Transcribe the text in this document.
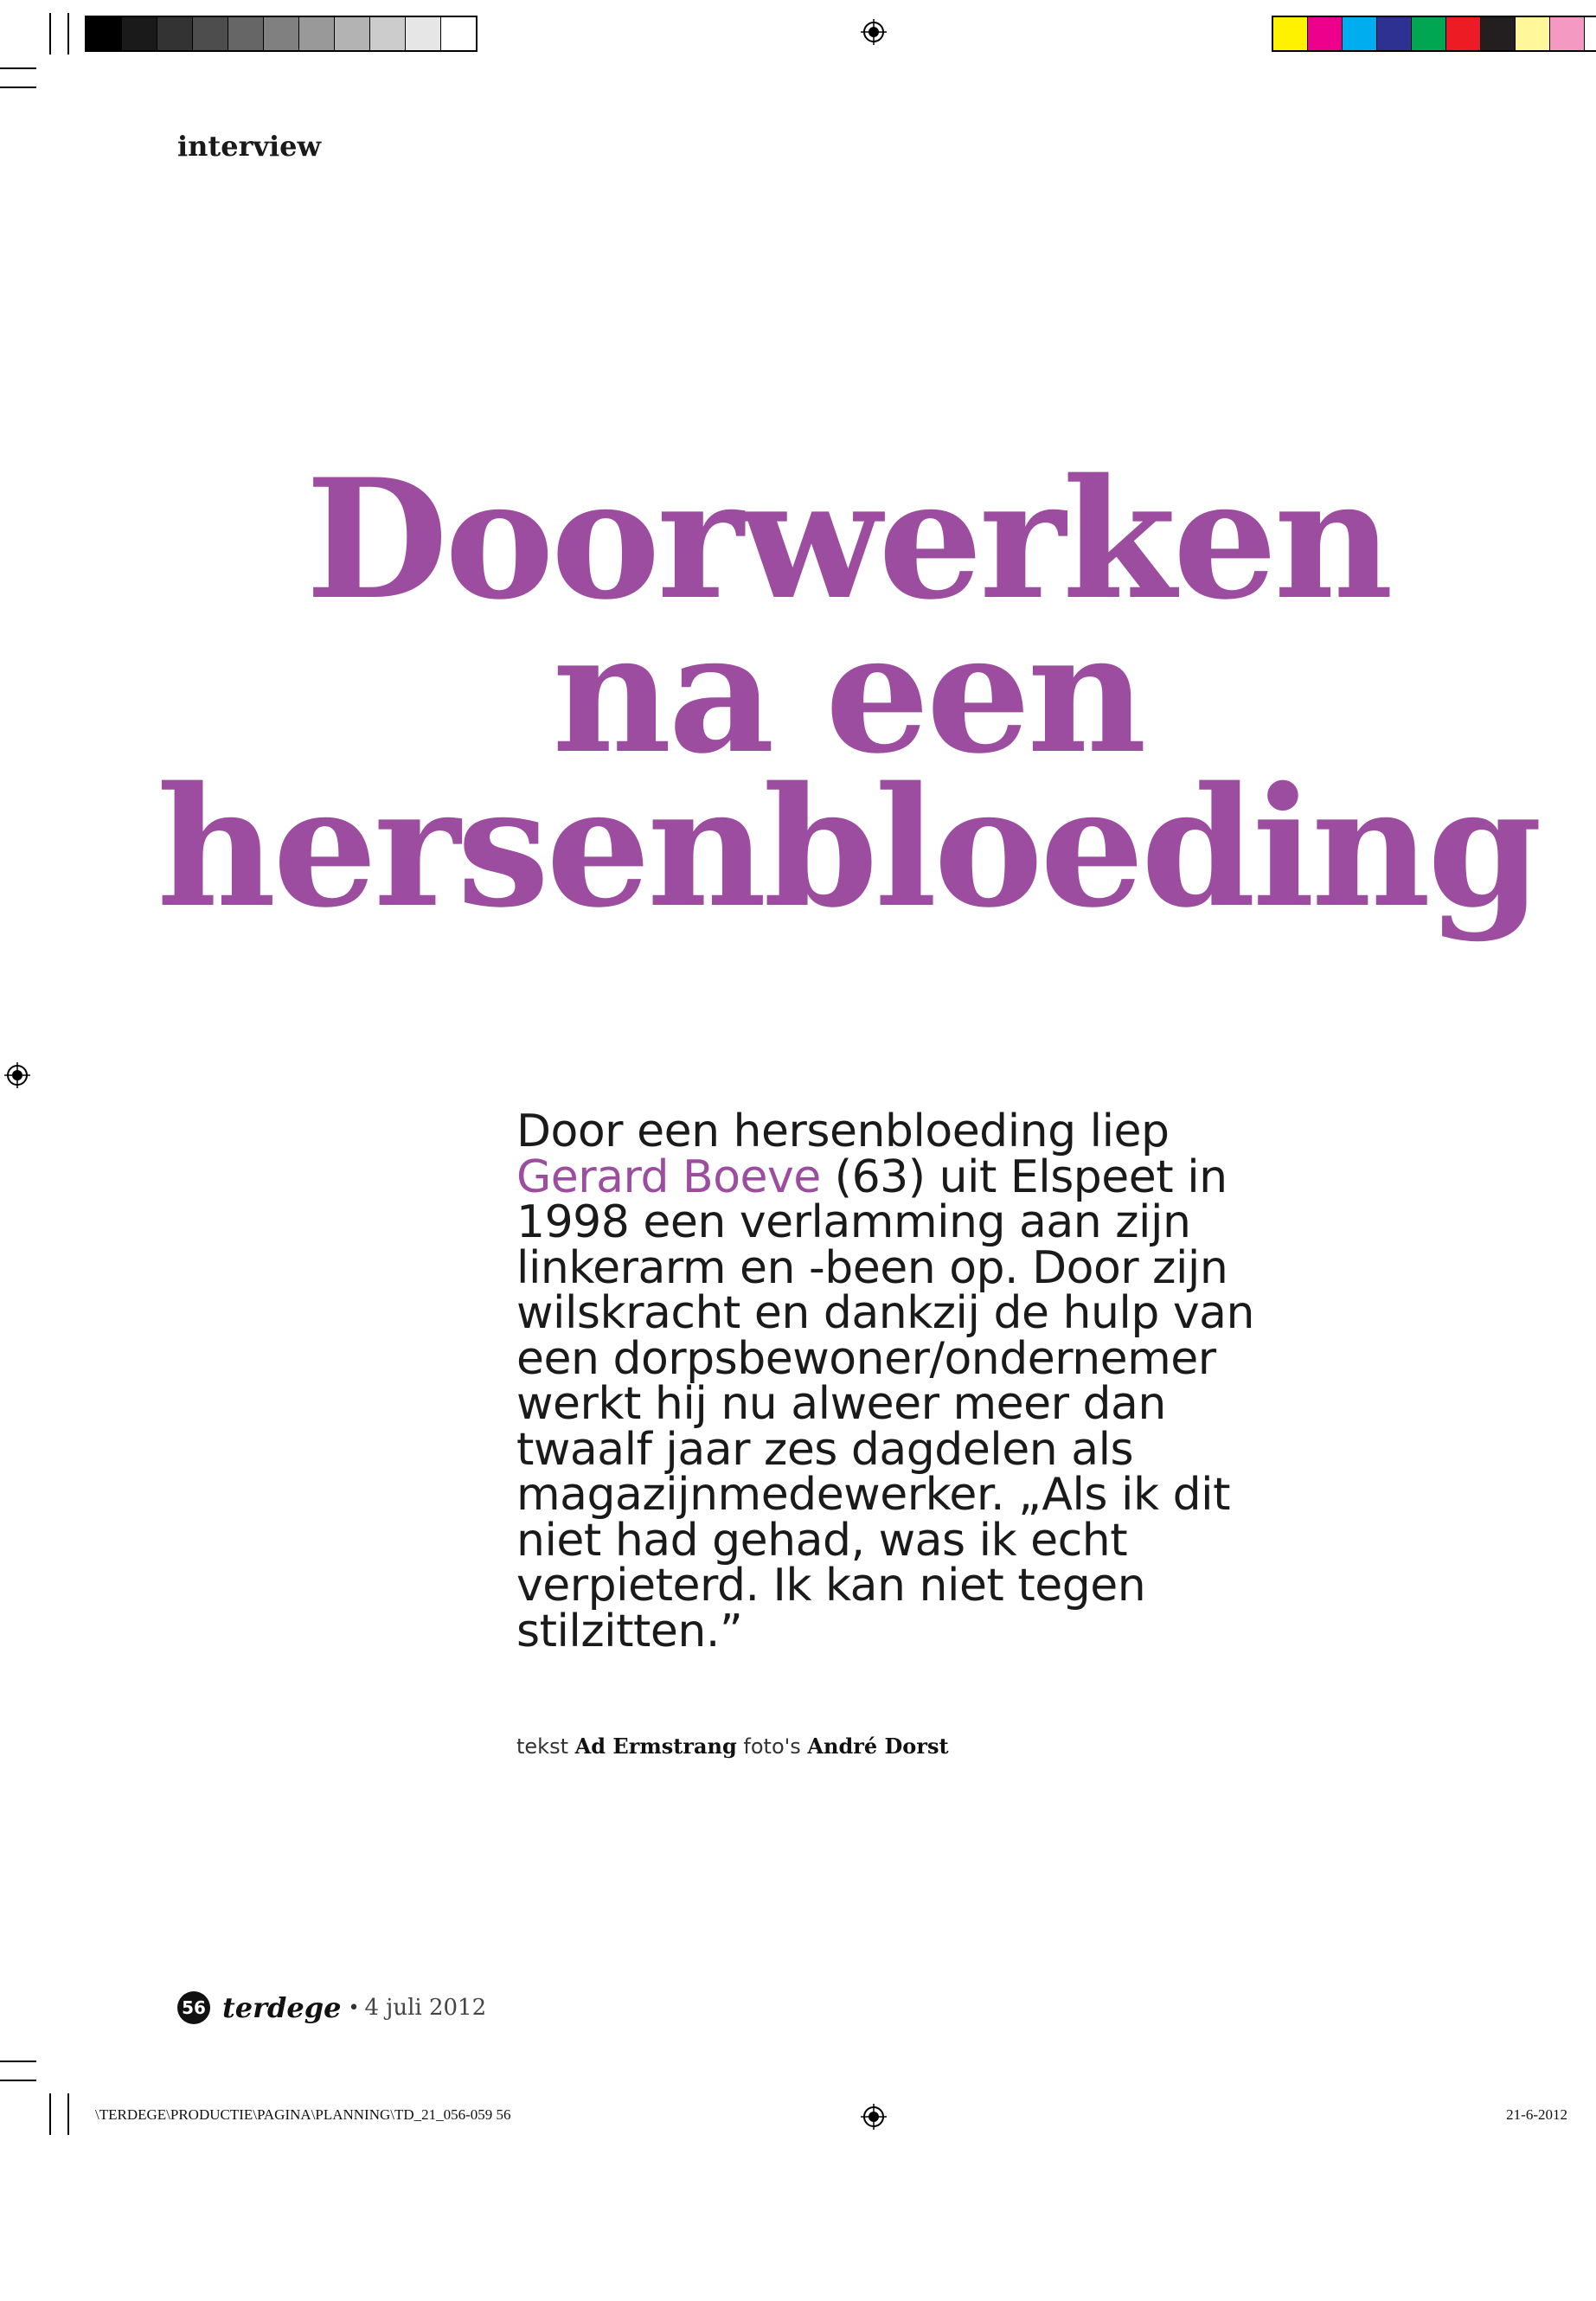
interview

Doorwerken
na een
hersenbloeding

Door een hersenbloeding liep Gerard Boeve (63) uit Elspeet in 1998 een verlamming aan zijn linkerarm en -been op. Door zijn wilskracht en dankzij de hulp van een dorpsbewoner/ondernemer werkt hij nu alweer meer dan twaalf jaar zes dagdelen als magazijnmedewerker. „Als ik dit niet had gehad, was ik echt verpieterd. Ik kan niet tegen stilzitten.”

tekst Ad Ermstrang foto's André Dorst

56 terdege • 4 juli 2012
\TERDEGE\PRODUCTIE\PAGINA\PLANNING\TD_21_056-059 56	21-6-2012
